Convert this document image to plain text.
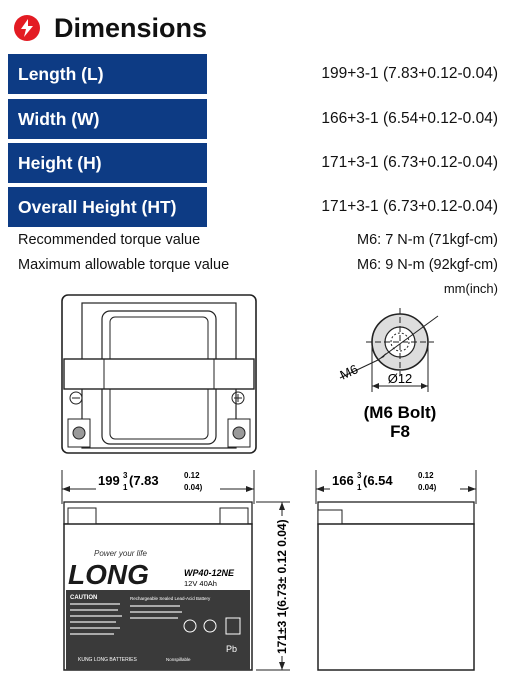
Dimensions
Length (L)	199+3-1 (7.83+0.12-0.04)
Width (W)	166+3-1 (6.54+0.12-0.04)
Height (H)	171+3-1 (6.73+0.12-0.04)
Overall Height (HT)	171+3-1 (6.73+0.12-0.04)
Recommended torque value	M6: 7 N-m (71kgf-cm)
Maximum allowable torque value	M6: 9 N-m (92kgf-cm)
mm(inch)
M6 Ø12
(M6 Bolt)
F8
199 3
1 (7.83	0.12
0.04)
Power your life
LONG	WP40-12NE
12V 40Ah
CAUTION	Rechargeable Sealed Lead-Acid Battery
Pb
Nonspillable
KUNG LONG BATTERIES
171±3 1(6.73± 0.12 0.04)
166 3
1 (6.54	0.12
0.04)
